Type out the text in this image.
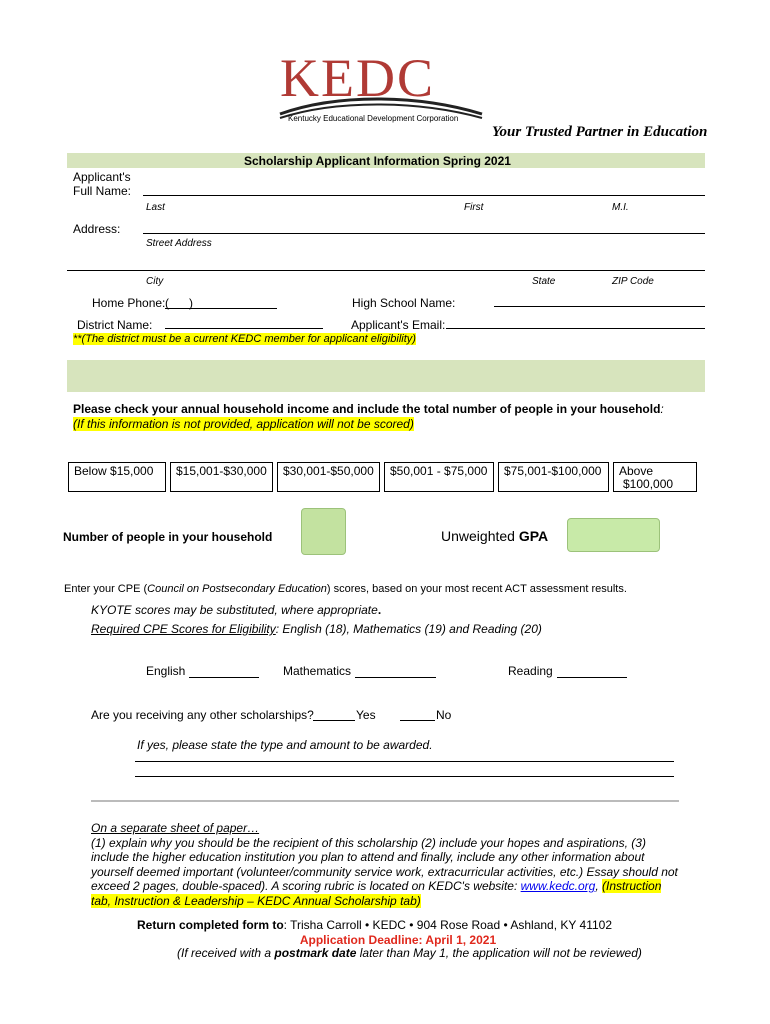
KEDC
Kentucky Educational Development Corporation
Your Trusted Partner in Education
Scholarship Applicant Information Spring 2021
Applicant's
Full Name:
Last	First	M.I.
Address:
Street Address
City	State	ZIP Code
Home Phone: (      )	High School Name:
District Name:	Applicant's Email:
**(The district must be a current KEDC member for applicant eligibility)
Please check your annual household income and include the total number of people in your household:
(If this information is not provided, application will not be scored)
Below $15,000	$15,001-$30,000	$30,001-$50,000	$50,001 - $75,000	$75,001-$100,000	Above
$100,000
Number of people in your household	Unweighted GPA
Enter your CPE (Council on Postsecondary Education) scores, based on your most recent ACT assessment results.
KYOTE scores may be substituted, where appropriate.
Required CPE Scores for Eligibility: English (18), Mathematics (19) and Reading (20)
English	Mathematics	Reading
Are you receiving any other scholarships?	Yes	No
If yes, please state the type and amount to be awarded.
On a separate sheet of paper…
(1) explain why you should be the recipient of this scholarship (2) include your hopes and aspirations, (3)
include the higher education institution you plan to attend and finally, include any other information about
yourself deemed important (volunteer/community service work, extracurricular activities, etc.) Essay should not
exceed 2 pages, double-spaced). A scoring rubric is located on KEDC's website: www.kedc.org, (Instruction
tab, Instruction & Leadership – KEDC Annual Scholarship tab)
Return completed form to: Trisha Carroll • KEDC • 904 Rose Road • Ashland, KY 41102
Application Deadline: April 1, 2021
(If received with a postmark date later than May 1, the application will not be reviewed)
